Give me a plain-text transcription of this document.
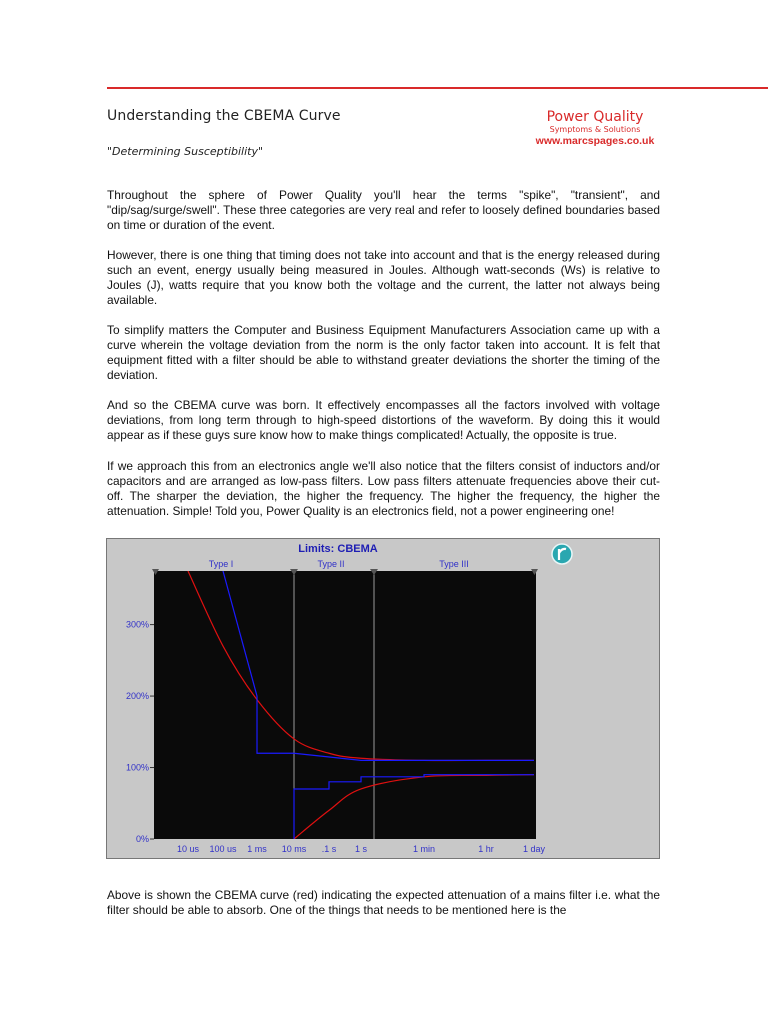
Understanding the CBEMA Curve
"Determining Susceptibility"
Power Quality
Symptoms & Solutions
www.marcspages.co.uk

Throughout the sphere of Power Quality you'll hear the terms "spike", "transient", and "dip/sag/surge/swell". These three categories are very real and refer to loosely defined boundaries based on time or duration of the event.

However, there is one thing that timing does not take into account and that is the energy released during such an event, energy usually being measured in Joules. Although watt-seconds (Ws) is relative to Joules (J), watts require that you know both the voltage and the current, the latter not always being available.

To simplify matters the Computer and Business Equipment Manufacturers Association came up with a curve wherein the voltage deviation from the norm is the only factor taken into account. It is felt that equipment fitted with a filter should be able to withstand greater deviations the shorter the timing of the deviation.

And so the CBEMA curve was born. It effectively encompasses all the factors involved with voltage deviations, from long term through to high-speed distortions of the waveform. By doing this it would appear as if these guys sure know how to make things complicated! Actually, the opposite is true.

If we approach this from an electronics angle we'll also notice that the filters consist of inductors and/or capacitors and are arranged as low-pass filters. Low pass filters attenuate frequencies above their cut-off. The sharper the deviation, the higher the frequency. The higher the frequency, the higher the attenuation. Simple! Told you, Power Quality is an electronics field, not a power engineering one!

Limits: CBEMA
Type I	Type II	Type III
0%
100%
200%
300%
10 us 100 us 1 ms 10 ms .1 s 1 s	1 min	1 hr	1 day

Above is shown the CBEMA curve (red) indicating the expected attenuation of a mains filter i.e. what the filter should be able to absorb. One of the things that needs to be mentioned here is the
